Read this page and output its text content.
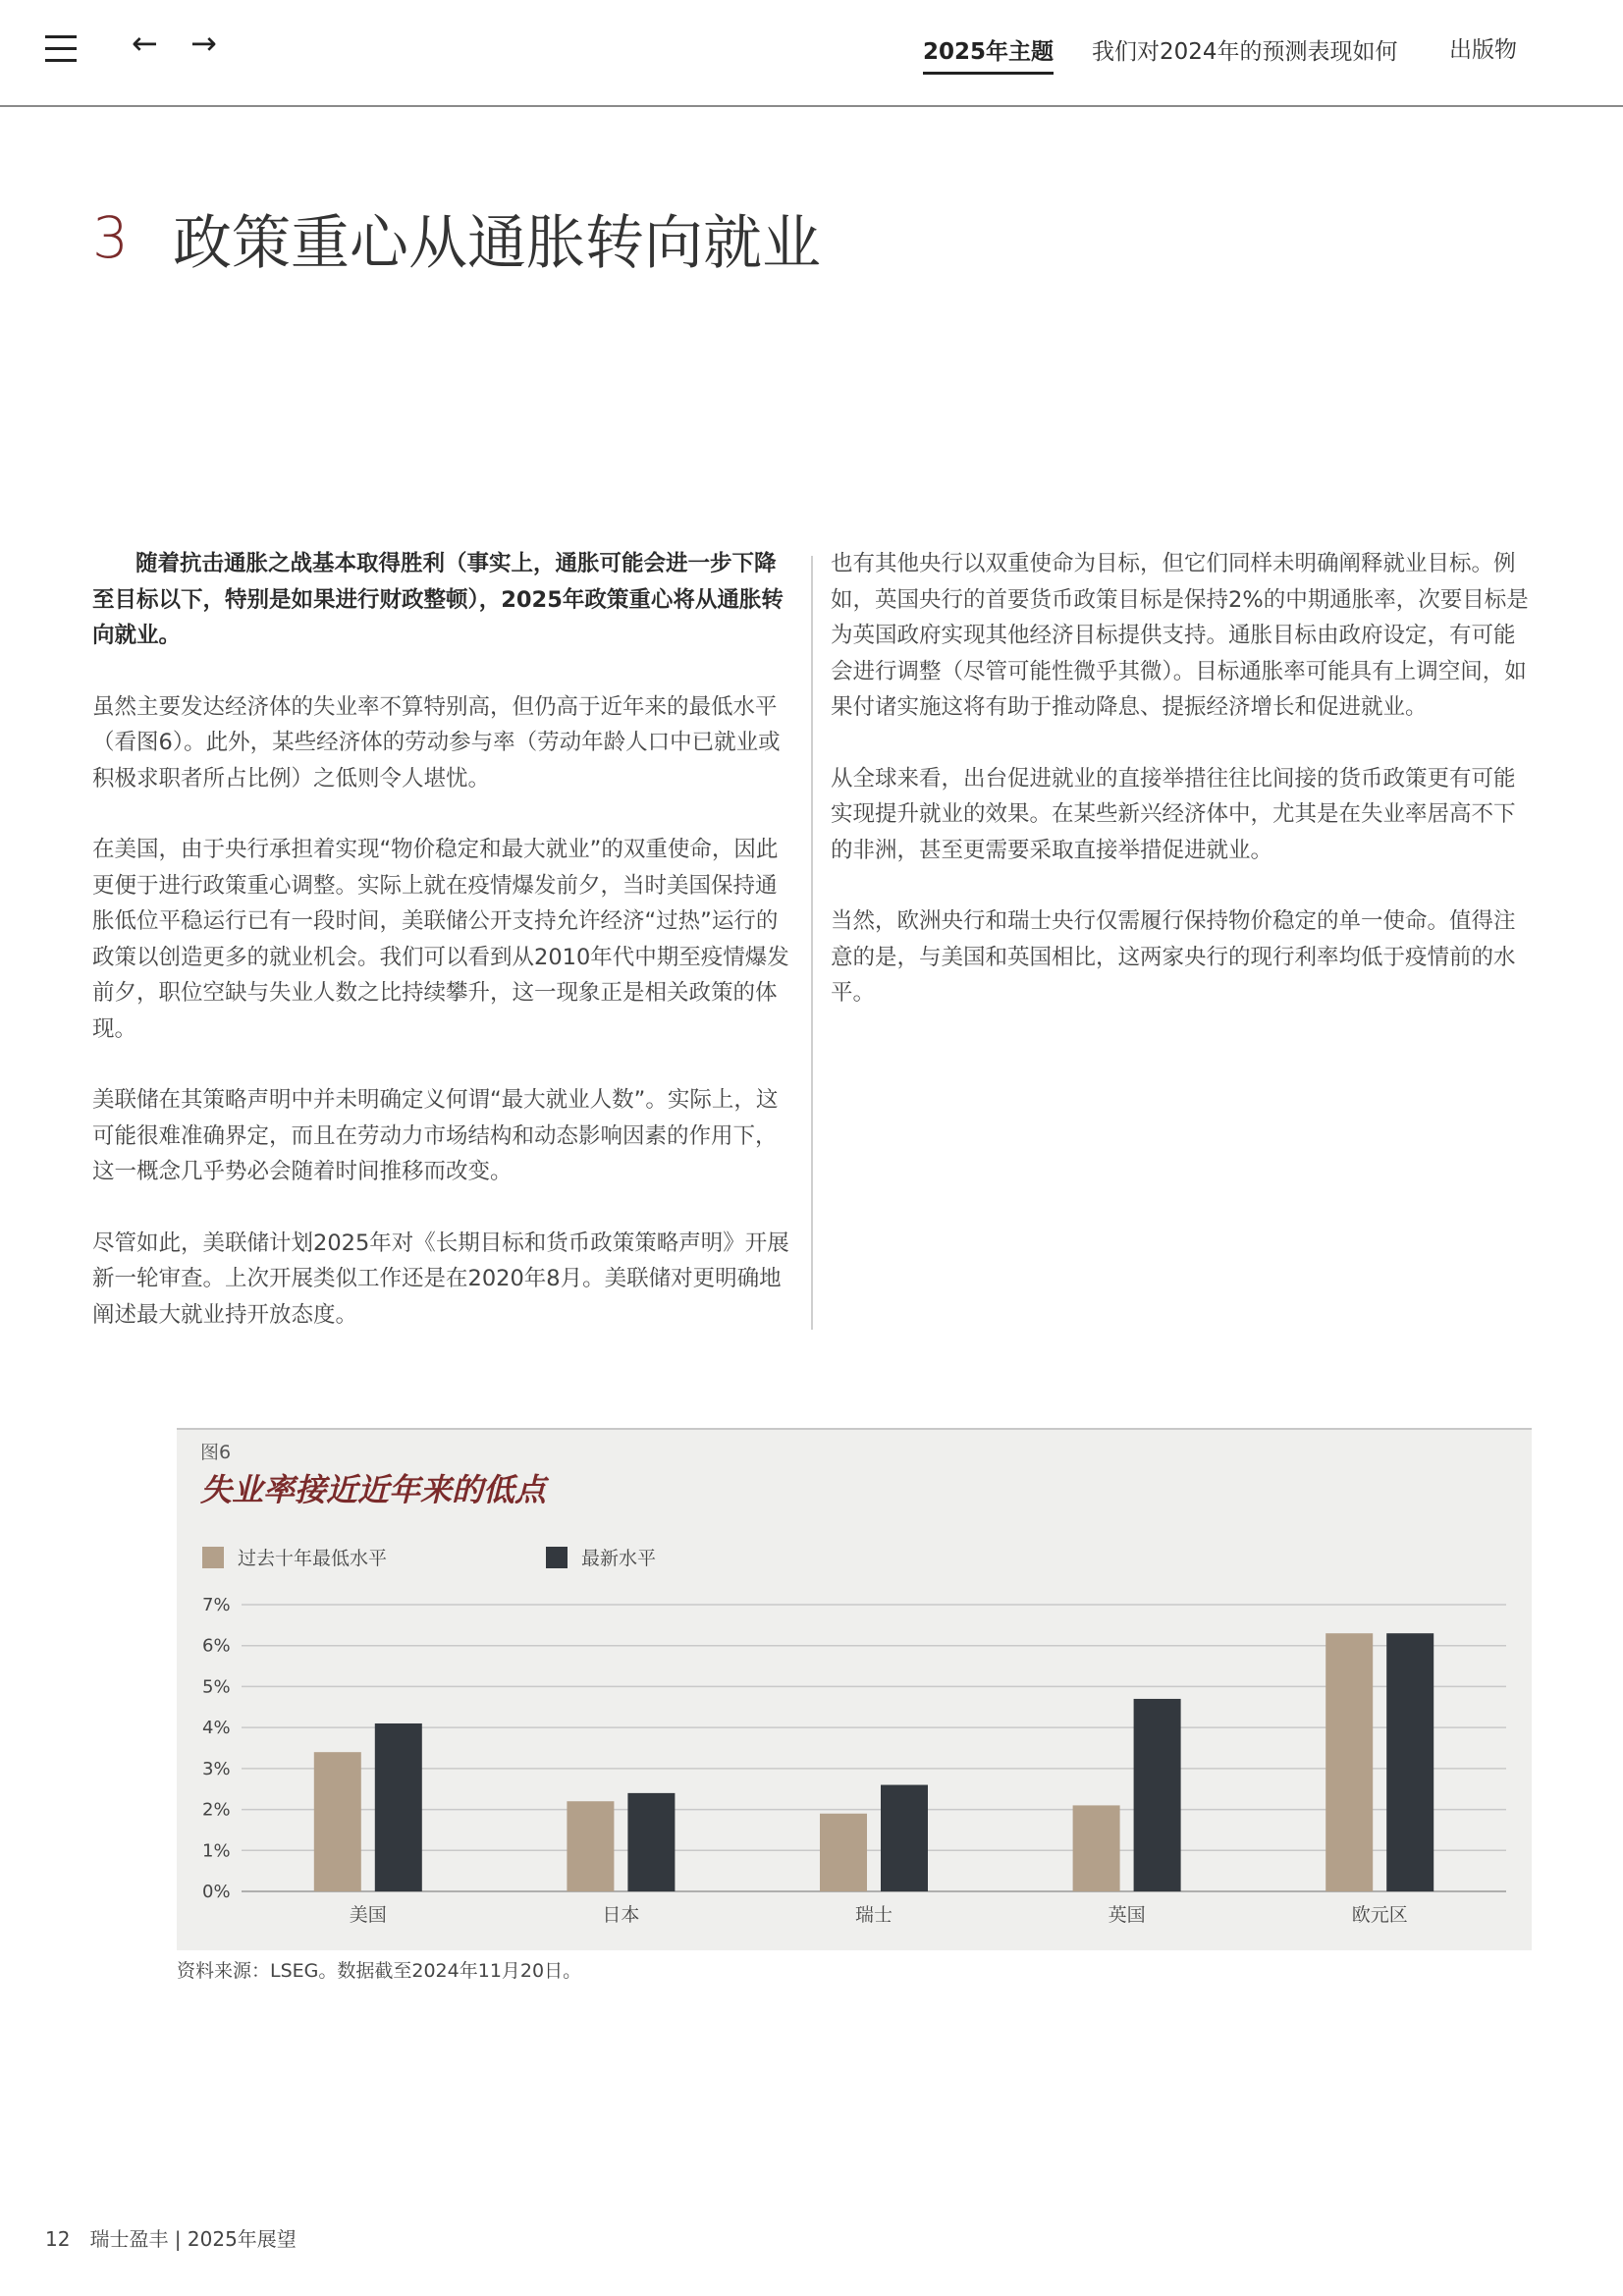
← →	2025年主题 我们对2024年的预测表现如何 出版物
3 政策重心从通胀转向就业

随着抗击通胀之战基本取得胜利（事实上，通胀可能会进一步下降至目标以下，特别是如果进行财政整顿），2025年政策重心将从通胀转向就业。

虽然主要发达经济体的失业率不算特别高，但仍高于近年来的最低水平（看图6）。此外，某些经济体的劳动参与率（劳动年龄人口中已就业或积极求职者所占比例）之低则令人堪忧。

在美国，由于央行承担着实现“物价稳定和最大就业”的双重使命，因此更便于进行政策重心调整。实际上就在疫情爆发前夕，当时美国保持通胀低位平稳运行已有一段时间，美联储公开支持允许经济“过热”运行的政策以创造更多的就业机会。我们可以看到从2010年代中期至疫情爆发前夕，职位空缺与失业人数之比持续攀升，这一现象正是相关政策的体现。

美联储在其策略声明中并未明确定义何谓“最大就业人数”。实际上，这可能很难准确界定，而且在劳动力市场结构和动态影响因素的作用下，这一概念几乎势必会随着时间推移而改变。

尽管如此，美联储计划2025年对《长期目标和货币政策策略声明》开展新一轮审查。上次开展类似工作还是在2020年8月。美联储对更明确地阐述最大就业持开放态度。

也有其他央行以双重使命为目标，但它们同样未明确阐释就业目标。例如，英国央行的首要货币政策目标是保持2%的中期通胀率，次要目标是为英国政府实现其他经济目标提供支持。通胀目标由政府设定，有可能会进行调整（尽管可能性微乎其微）。目标通胀率可能具有上调空间，如果付诸实施这将有助于推动降息、提振经济增长和促进就业。

从全球来看，出台促进就业的直接举措往往比间接的货币政策更有可能实现提升就业的效果。在某些新兴经济体中，尤其是在失业率居高不下的非洲，甚至更需要采取直接举措促进就业。

当然，欧洲央行和瑞士央行仅需履行保持物价稳定的单一使命。值得注意的是，与美国和英国相比，这两家央行的现行利率均低于疫情前的水平。

图6
失业率接近近年来的低点
过去十年最低水平	最新水平
0%
1%
2%
3%
4%
5%
6%
7%
美国	日本	瑞士	英国	欧元区
资料来源：LSEG。数据截至2024年11月20日。
12 瑞士盈丰 | 2025年展望
